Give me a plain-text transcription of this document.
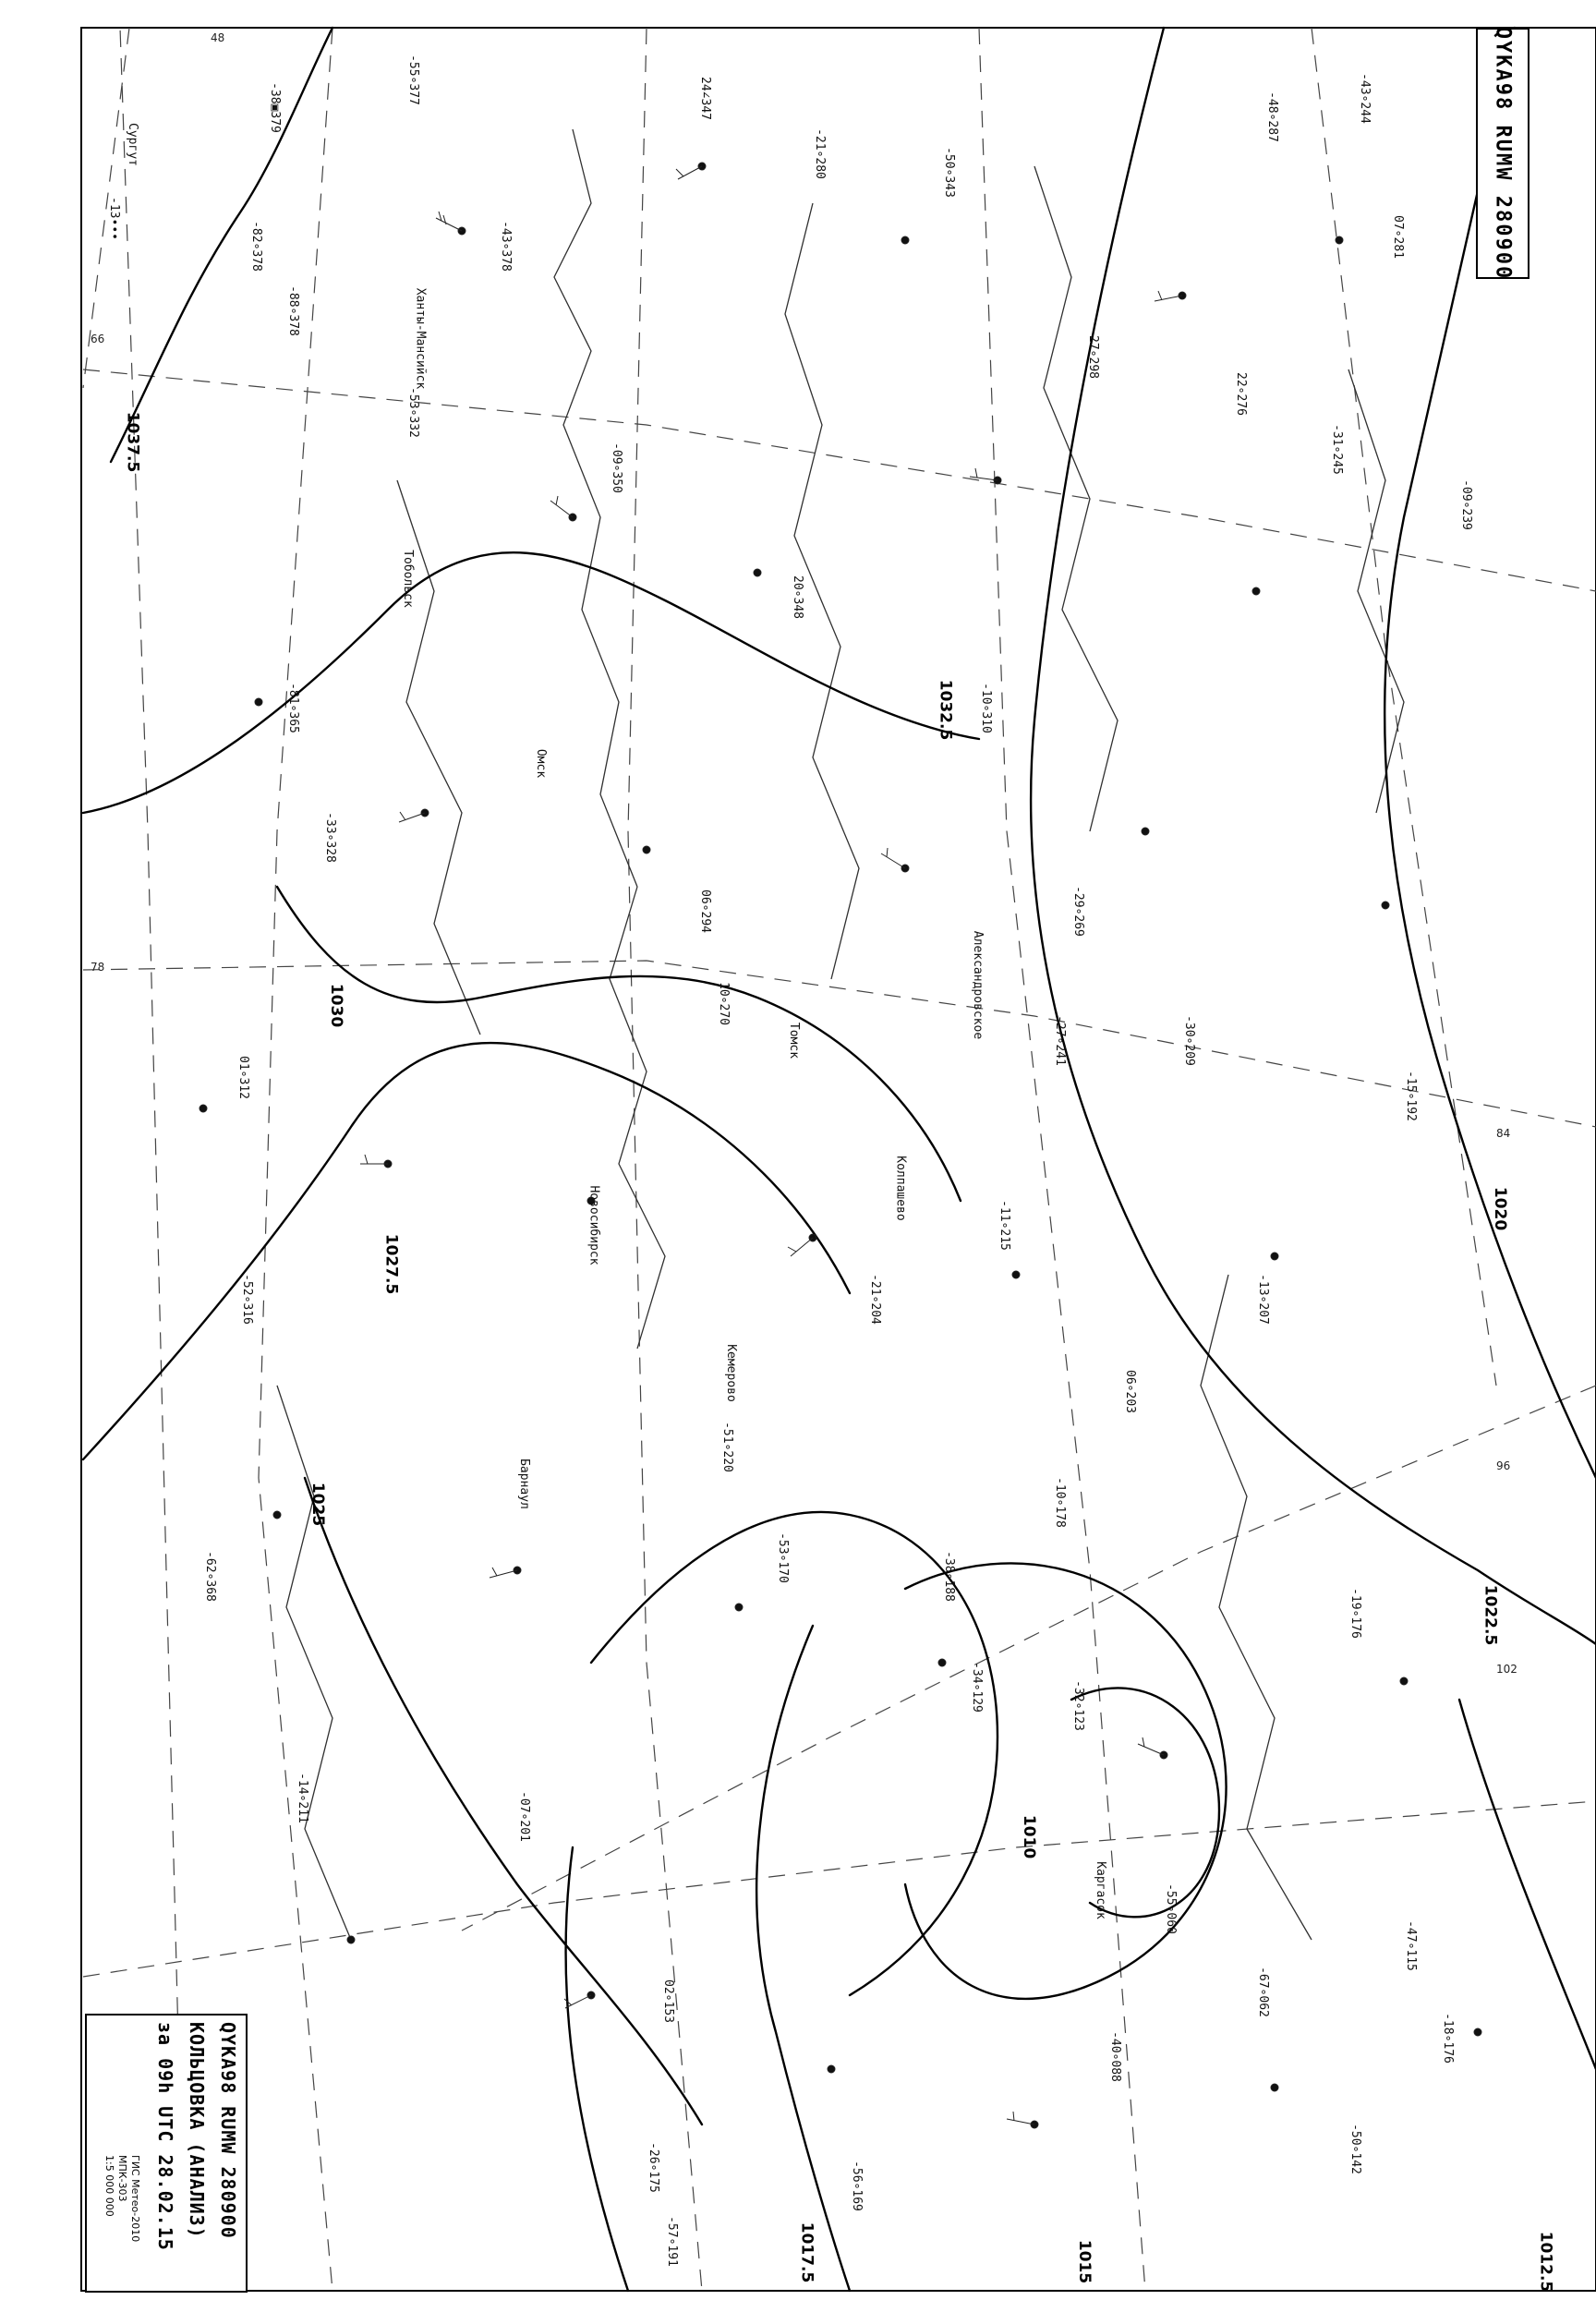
1037.5
1032.5
1030
1027.5
1025
1022.5
1020
1017.5	1015	1012.5
1010
48
66
78
84
96
102
Сургут
Ханты-Мансийск
Тобольск
Омск
Новосибирск
Барнаул
Кемерово
Томск
Колпашево
Александровское
Каргасок
-38▣379
-13∙∙∙
-82∘378
-88∘378
-55∘377
-43∘378
24∠347
-21∘280	-50∘343
-48∘287	-43∘244
07∘281
-53∘332
-09∘350
20∘348
-10∘310
27∘298
22∘276
-31∘245
-09∘239
-81∘365
-33∘328
06∘294	-29∘269
-27∘241	-30∘209
-15∘192
01∘312
10∘270
-11∘215
-21∘204
06∘203
-13∘207
-62∘368
-51∘220
-38∘188
-53∘170
-34∘129
-19∘176
-52∘316
-10∘178
-32∘123
-14∘211	-07∘201
02∘153
-55∘060
-47∘115
-18∘176
-67∘062
-40∘088
-50∘142
-26∘175	-56∘169
-57∘191
QYKA98 RUMW 280900
QYKA98 RUMW 280900
КОЛЬЦОВКА (АНАЛИЗ)
за 09h UTC 28.02.15
ГИС Метео-2010
МПК-303
1:5 000 000
